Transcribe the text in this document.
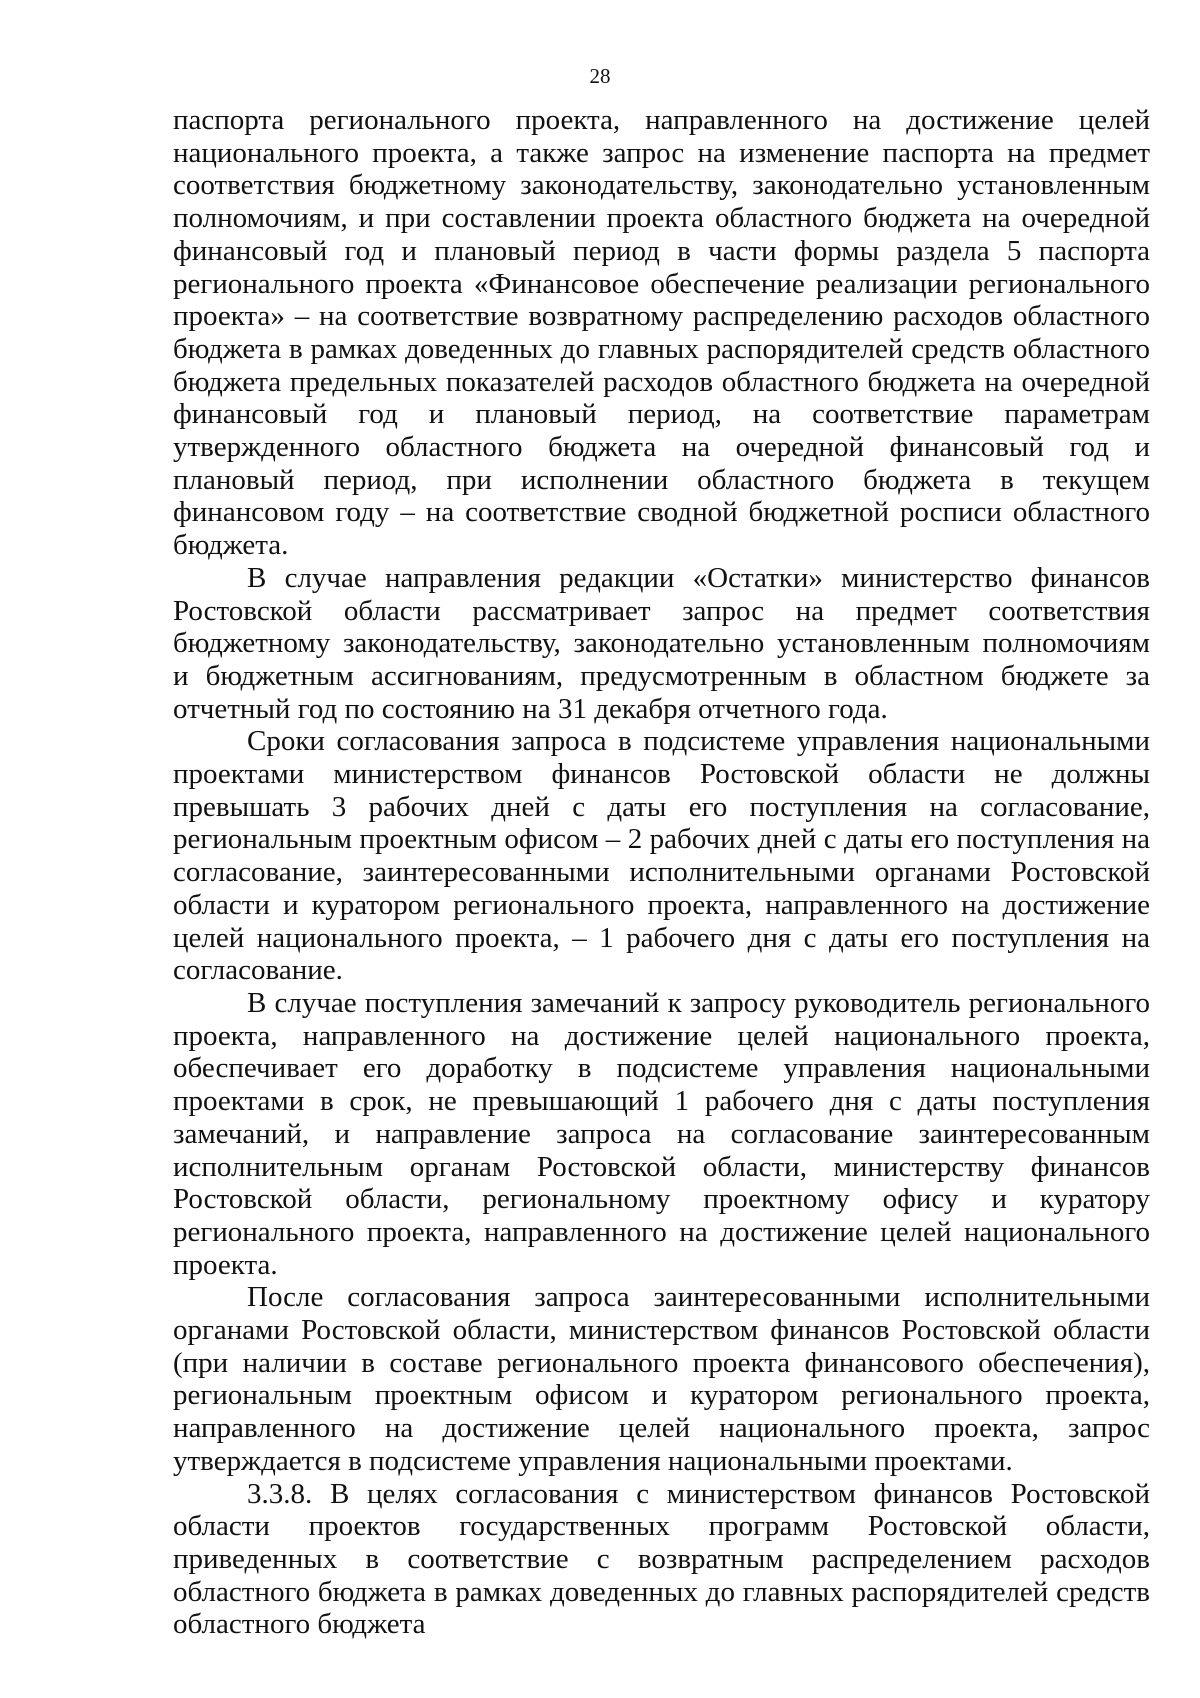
28

паспорта регионального проекта, направленного на достижение целей национального проекта, а также запрос на изменение паспорта на предмет соответствия бюджетному законодательству, законодательно установленным полномочиям, и при составлении проекта областного бюджета на очередной финансовый год и плановый период в части формы раздела 5 паспорта регионального проекта «Финансовое обеспечение реализации регионального проекта» – на соответствие возвратному распределению расходов областного бюджета в рамках доведенных до главных распорядителей средств областного бюджета предельных показателей расходов областного бюджета на очередной финансовый год и плановый период, на соответствие параметрам утвержденного областного бюджета на очередной финансовый год и плановый период, при исполнении областного бюджета в текущем финансовом году – на соответствие сводной бюджетной росписи областного бюджета.

В случае направления редакции «Остатки» министерство финансов Ростовской области рассматривает запрос на предмет соответствия бюджетному законодательству, законодательно установленным полномочиям и бюджетным ассигнованиям, предусмотренным в областном бюджете за отчетный год по состоянию на 31 декабря отчетного года.

Сроки согласования запроса в подсистеме управления национальными проектами министерством финансов Ростовской области не должны превышать 3 рабочих дней с даты его поступления на согласование, региональным проектным офисом – 2 рабочих дней с даты его поступления на согласование, заинтересованными исполнительными органами Ростовской области и куратором регионального проекта, направленного на достижение целей национального проекта, – 1 рабочего дня с даты его поступления на согласование.

В случае поступления замечаний к запросу руководитель регионального проекта, направленного на достижение целей национального проекта, обеспечивает его доработку в подсистеме управления национальными проектами в срок, не превышающий 1 рабочего дня с даты поступления замечаний, и направление запроса на согласование заинтересованным исполнительным органам Ростовской области, министерству финансов Ростовской области, региональному проектному офису и куратору регионального проекта, направленного на достижение целей национального проекта.

После согласования запроса заинтересованными исполнительными органами Ростовской области, министерством финансов Ростовской области (при наличии в составе регионального проекта финансового обеспечения), региональным проектным офисом и куратором регионального проекта, направленного на достижение целей национального проекта, запрос утверждается в подсистеме управления национальными проектами.

3.3.8. В целях согласования с министерством финансов Ростовской области проектов государственных программ Ростовской области, приведенных в соответствие с возвратным распределением расходов областного бюджета в рамках доведенных до главных распорядителей средств областного бюджета
